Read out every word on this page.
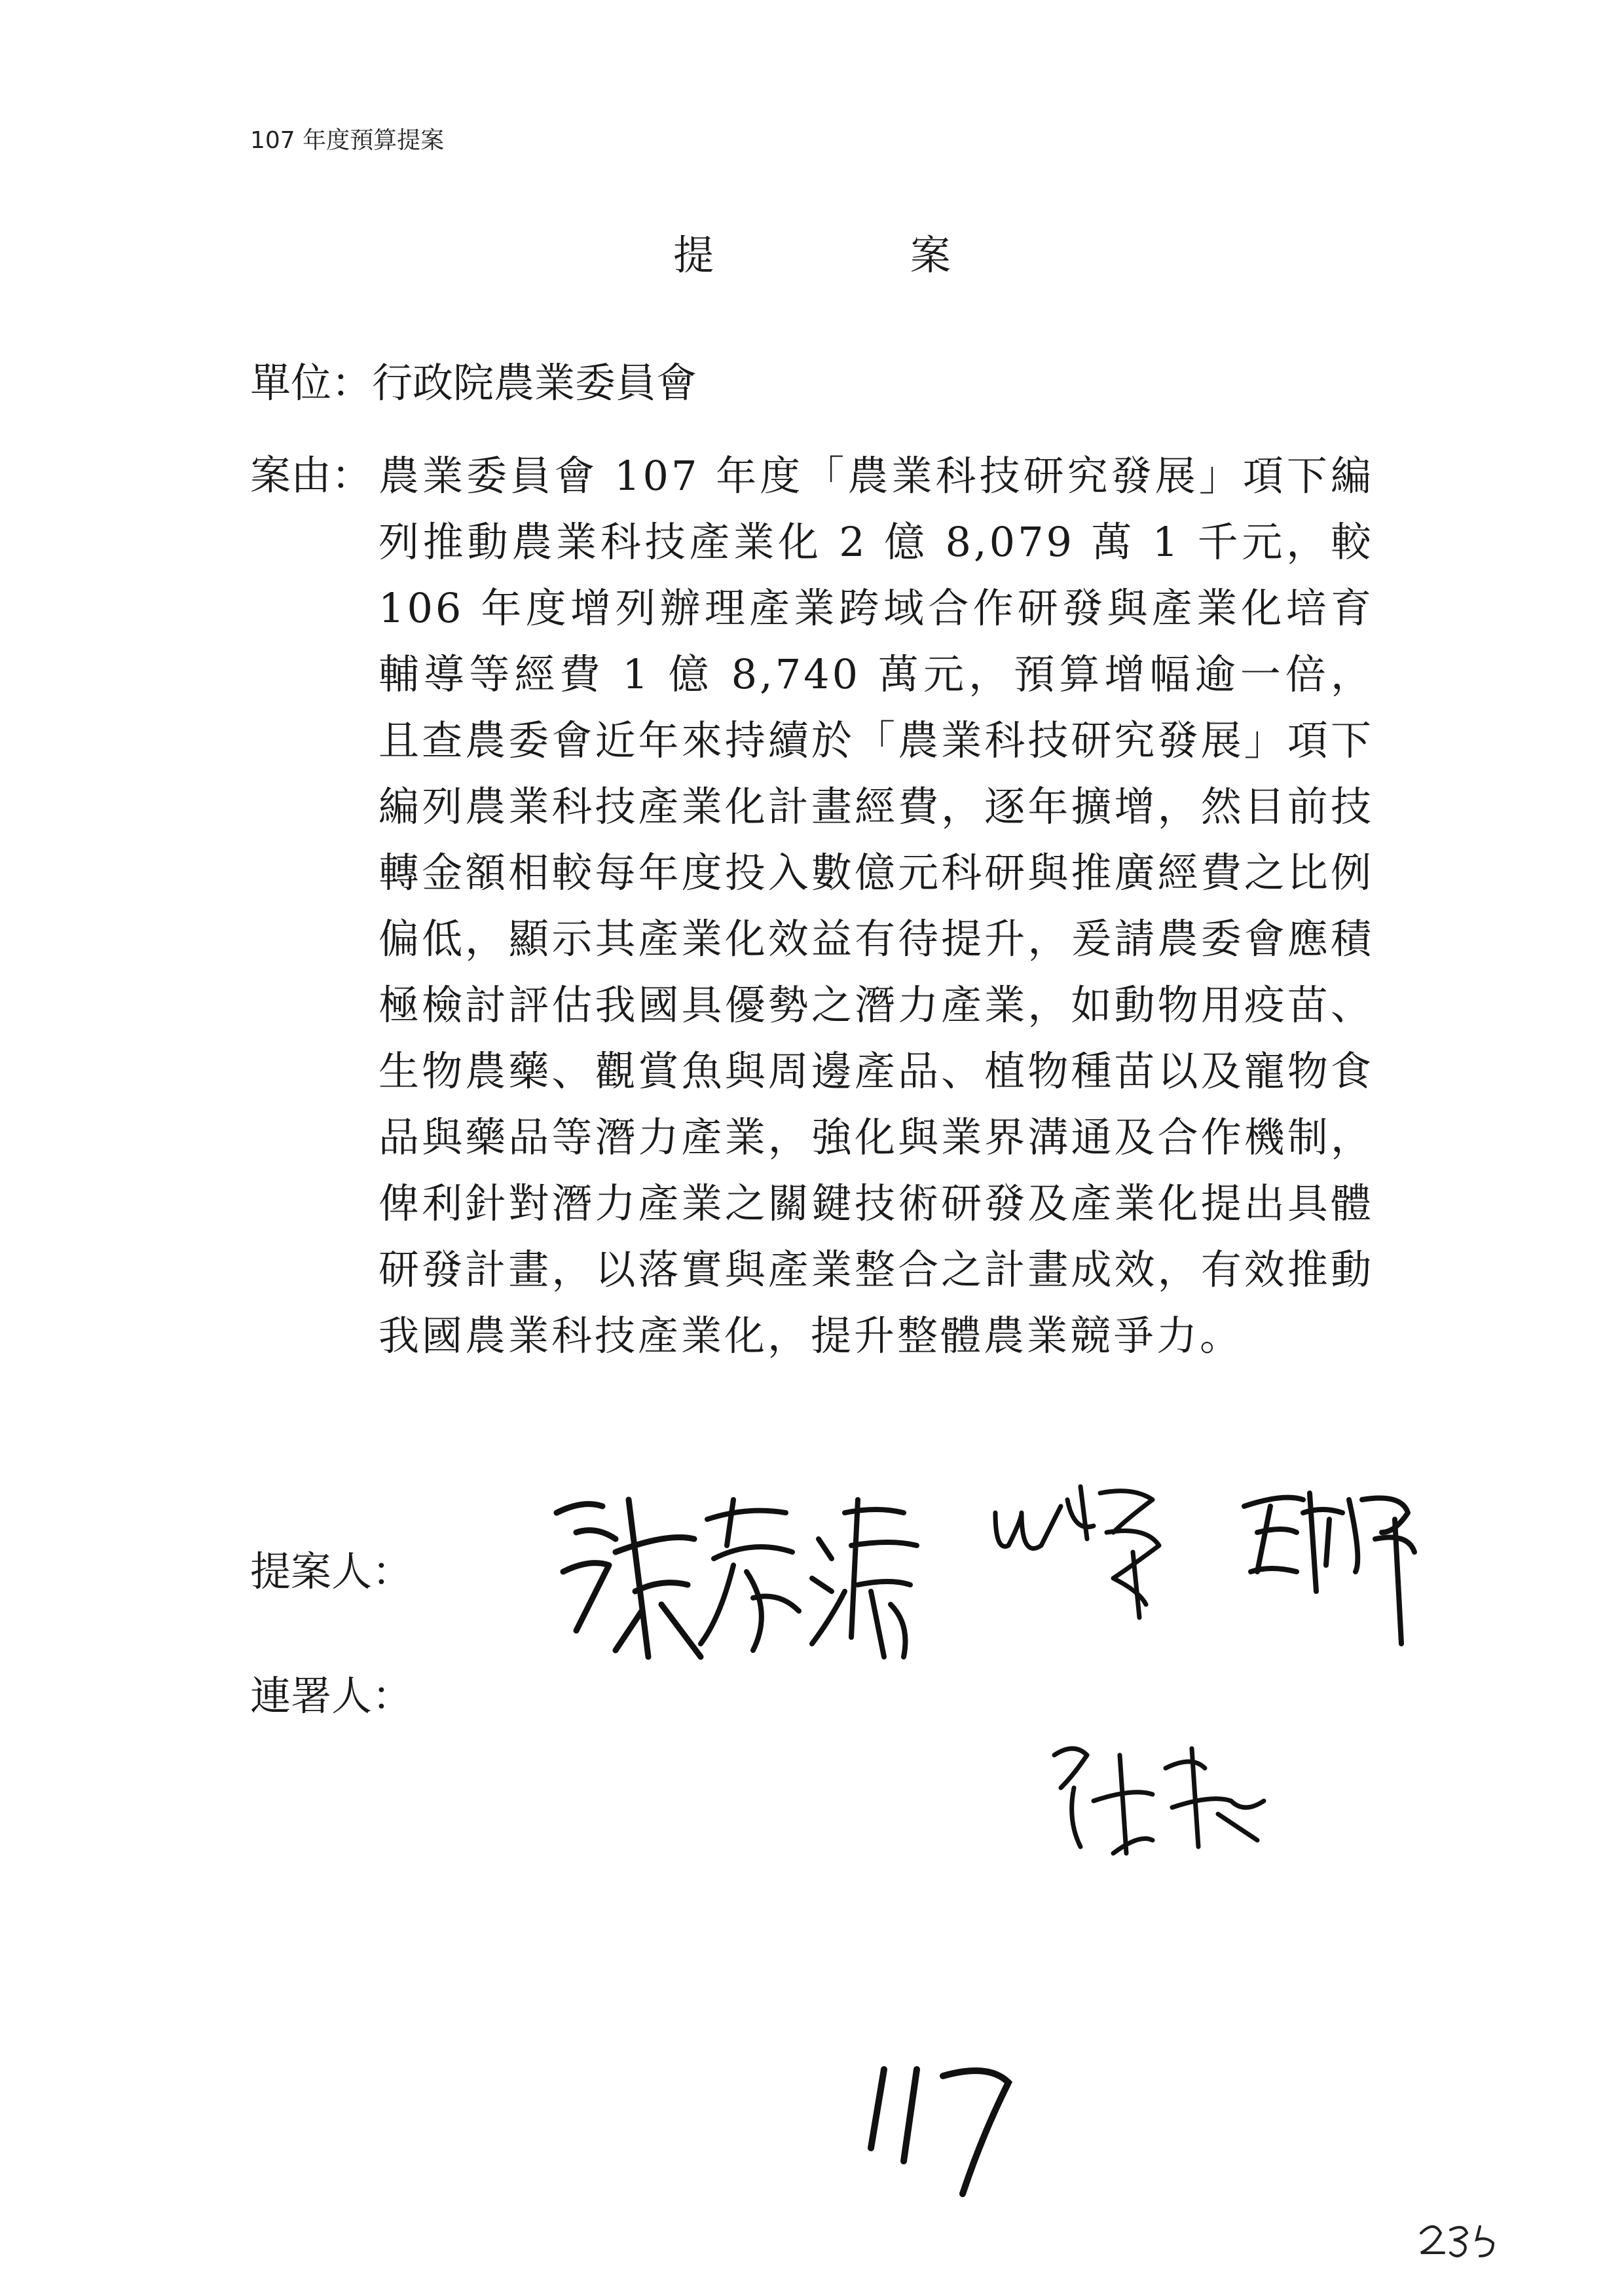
107 年度預算提案
提 案
單位：行政院農業委員會
案由： 農業委員會 107 年度「農業科技研究發展」項下編列推動農業科技產業化 2 億 8,079 萬 1 千元，較 106 年度增列辦理產業跨域合作研發與產業化培育輔導等經費 1 億 8,740 萬元，預算增幅逾一倍，且查農委會近年來持續於「農業科技研究發展」項下編列農業科技產業化計畫經費，逐年擴增，然目前技轉金額相較每年度投入數億元科研與推廣經費之比例偏低，顯示其產業化效益有待提升，爰請農委會應積極檢討評估我國具優勢之潛力產業，如動物用疫苗、生物農藥、觀賞魚與周邊產品、植物種苗以及寵物食品與藥品等潛力產業，強化與業界溝通及合作機制，俾利針對潛力產業之關鍵技術研發及產業化提出具體研發計畫，以落實與產業整合之計畫成效，有效推動我國農業科技產業化，提升整體農業競爭力。
提案人：
連署人：
